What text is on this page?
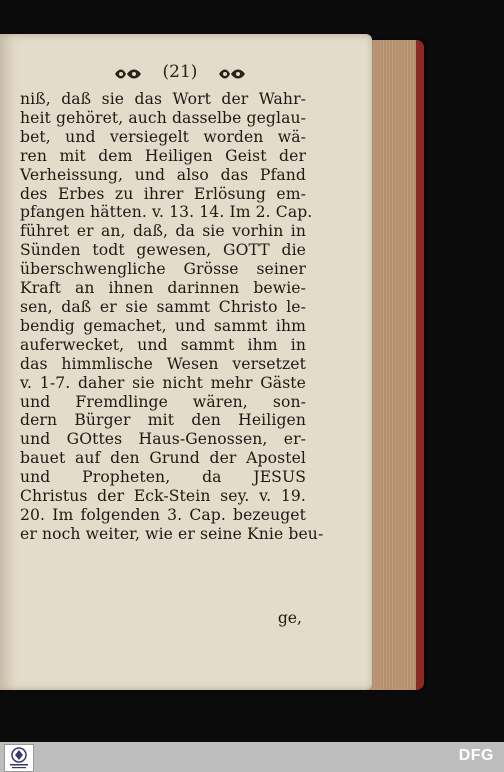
(21)
niß, daß sie das Wort der Wahr-
heit gehöret, auch dasselbe geglau-
bet, und versiegelt worden wä-
ren mit dem Heiligen Geist der
Verheissung, und also das Pfand
des Erbes zu ihrer Erlösung em-
pfangen hätten. v. 13. 14. Im 2. Cap.
führet er an, daß, da sie vorhin in
Sünden todt gewesen, GOTT die
überschwengliche Grösse seiner
Kraft an ihnen darinnen bewie-
sen, daß er sie sammt Christo le-
bendig gemachet, und sammt ihm
auferwecket, und sammt ihm in
das himmlische Wesen versetzet
v. 1-7. daher sie nicht mehr Gäste
und Fremdlinge wären, son-
dern Bürger mit den Heiligen
und GOttes Haus-Genossen, er-
bauet auf den Grund der Apostel
und Propheten, da JESUS
Christus der Eck-Stein sey. v. 19.
20. Im folgenden 3. Cap. bezeuget
er noch weiter, wie er seine Knie beu-
ge,
DFG
